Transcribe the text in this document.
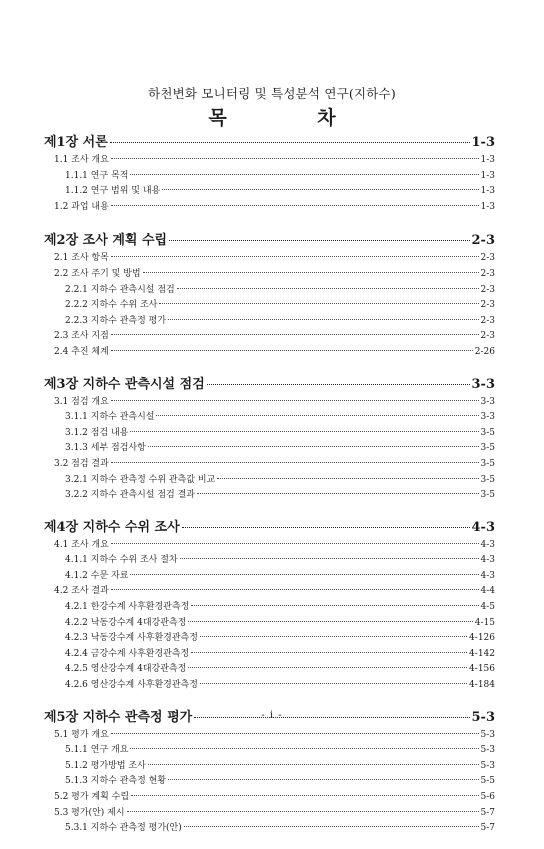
하천변화 모니터링 및 특성분석 연구(지하수)
목 차
제1장 서론	1-3
1.1 조사 개요	1-3
1.1.1 연구 목적	1-3
1.1.2 연구 범위 및 내용	1-3
1.2 과업 내용	1-3
제2장 조사 계획 수립	2-3
2.1 조사 항목	2-3
2.2 조사 주기 및 방법	2-3
2.2.1 지하수 관측시설 점검	2-3
2.2.2 지하수 수위 조사	2-3
2.2.3 지하수 관측정 평가	2-3
2.3 조사 지점	2-3
2.4 추진 체계	2-26
제3장 지하수 관측시설 점검	3-3
3.1 점검 개요	3-3
3.1.1 지하수 관측시설	3-3
3.1.2 점검 내용	3-5
3.1.3 세부 점검사항	3-5
3.2 점검 결과	3-5
3.2.1 지하수 관측정 수위 관측값 비교	3-5
3.2.2 지하수 관측시설 점검 결과	3-5
제4장 지하수 수위 조사	4-3
4.1 조사 개요	4-3
4.1.1 지하수 수위 조사 절차	4-3
4.1.2 수문 자료	4-3
4.2 조사 결과	4-4
4.2.1 한강수계 사후환경관측정	4-5
4.2.2 낙동강수계 4대강관측정	4-15
4.2.3 낙동강수계 사후환경관측정	4-126
4.2.4 금강수계 사후환경관측정	4-142
4.2.5 영산강수계 4대강관측정	4-156
4.2.6 영산강수계 사후환경관측정	4-184
제5장 지하수 관측정 평가	5-3
5.1 평가 개요	5-3
5.1.1 연구 개요	5-3
5.1.2 평가방법 조사	5-3
5.1.3 지하수 관측정 현황	5-5
5.2 평가 계획 수립	5-6
5.3 평가(안) 제시	5-7
5.3.1 지하수 관측정 평가(안)	5-7
- i -
